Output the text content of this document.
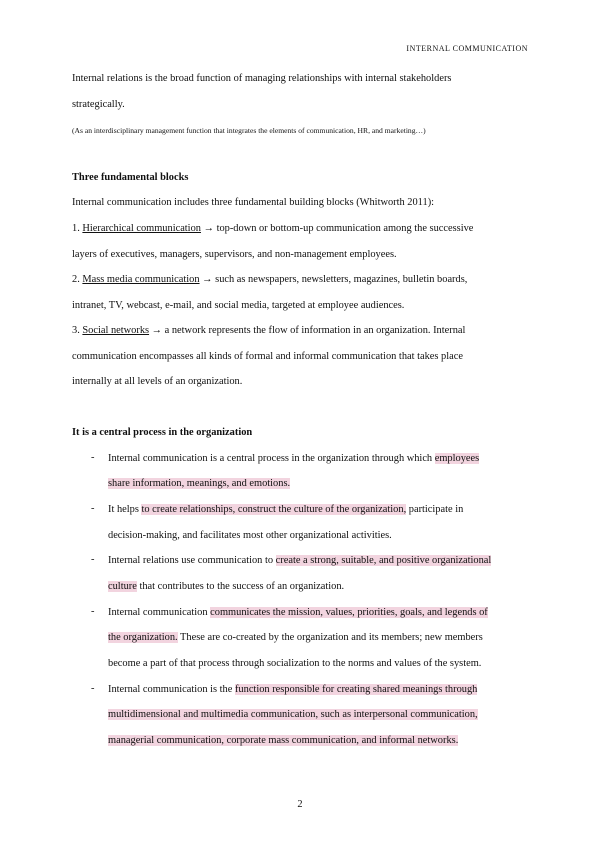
INTERNAL COMMUNICATION
Internal relations is the broad function of managing relationships with internal stakeholders
strategically.
(As an interdisciplinary management function that integrates the elements of communication, HR, and marketing…)
Three fundamental blocks
Internal communication includes three fundamental building blocks (Whitworth 2011):
1. Hierarchical communication → top-down or bottom-up communication among the successive
layers of executives, managers, supervisors, and non-management employees.
2. Mass media communication → such as newspapers, newsletters, magazines, bulletin boards,
intranet, TV, webcast, e-mail, and social media, targeted at employee audiences.
3. Social networks → a network represents the flow of information in an organization. Internal
communication encompasses all kinds of formal and informal communication that takes place
internally at all levels of an organization.
It is a central process in the organization
- Internal communication is a central process in the organization through which employees
share information, meanings, and emotions.
- It helps to create relationships, construct the culture of the organization, participate in
decision-making, and facilitates most other organizational activities.
- Internal relations use communication to create a strong, suitable, and positive organizational
culture that contributes to the success of an organization.
- Internal communication communicates the mission, values, priorities, goals, and legends of
the organization. These are co-created by the organization and its members; new members
become a part of that process through socialization to the norms and values of the system.
- Internal communication is the function responsible for creating shared meanings through
multidimensional and multimedia communication, such as interpersonal communication,
managerial communication, corporate mass communication, and informal networks.
2
